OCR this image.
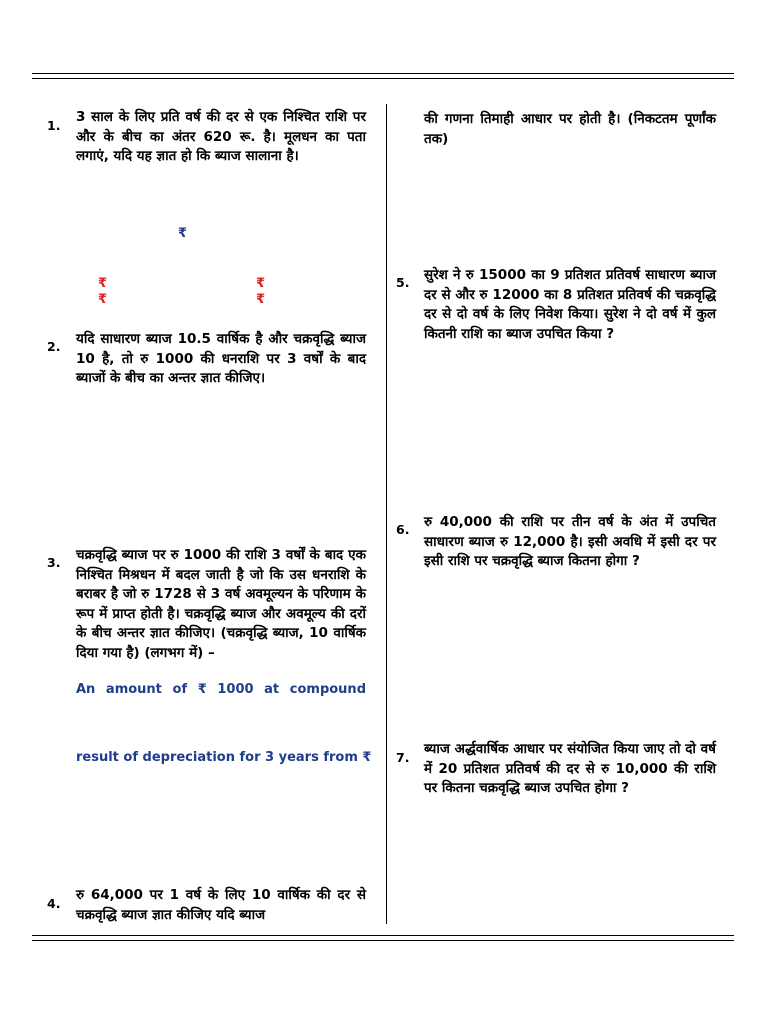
1.
3 साल के लिए प्रति वर्ष की दर से एक निश्चित राशि पर और के बीच का अंतर 620 रू. है। मूलधन का पता लगाएं, यदि यह ज्ञात हो कि ब्याज सालाना है।
₹
₹
₹
₹
₹
2. यदि साधारण ब्याज 10.5 वार्षिक है और चक्रवृद्धि ब्याज 10 है, तो रु 1000 की धनराशि पर 3 वर्षों के बाद ब्याजों के बीच का अन्तर ज्ञात कीजिए।
3. चक्रवृद्धि ब्याज पर रु 1000 की राशि 3 वर्षों के बाद एक निश्चित मिश्रधन में बदल जाती है जो कि उस धनराशि के बराबर है जो रु 1728 से 3 वर्ष अवमूल्यन के परिणाम के रूप में प्राप्त होती है। चक्रवृद्धि ब्याज और अवमूल्य की दरों के बीच अन्तर ज्ञात कीजिए। (चक्रवृद्धि ब्याज, 10 वार्षिक दिया गया है) (लगभग में) –
An amount of ₹ 1000 at compound
result of depreciation for 3 years from ₹
4.
रु 64,000 पर 1 वर्ष के लिए 10 वार्षिक की दर से चक्रवृद्धि ब्याज ज्ञात कीजिए यदि ब्याज
की गणना तिमाही आधार पर होती है। (निकटतम पूर्णांक तक)
5. सुरेश ने रु 15000 का 9 प्रतिशत प्रतिवर्ष साधारण ब्याज दर से और रु 12000 का 8 प्रतिशत प्रतिवर्ष की चक्रवृद्धि दर से दो वर्ष के लिए निवेश किया। सुरेश ने दो वर्ष में कुल कितनी राशि का ब्याज उपचित किया ?
6. रु 40,000 की राशि पर तीन वर्ष के अंत में उपचित साधारण ब्याज रु 12,000 है। इसी अवधि में इसी दर पर इसी राशि पर चक्रवृद्धि ब्याज कितना होगा ?
7.
ब्याज अर्द्धवार्षिक आधार पर संयोजित किया जाए तो दो वर्ष में 20 प्रतिशत प्रतिवर्ष की दर से रु 10,000 की राशि पर कितना चक्रवृद्धि ब्याज उपचित होगा ?
